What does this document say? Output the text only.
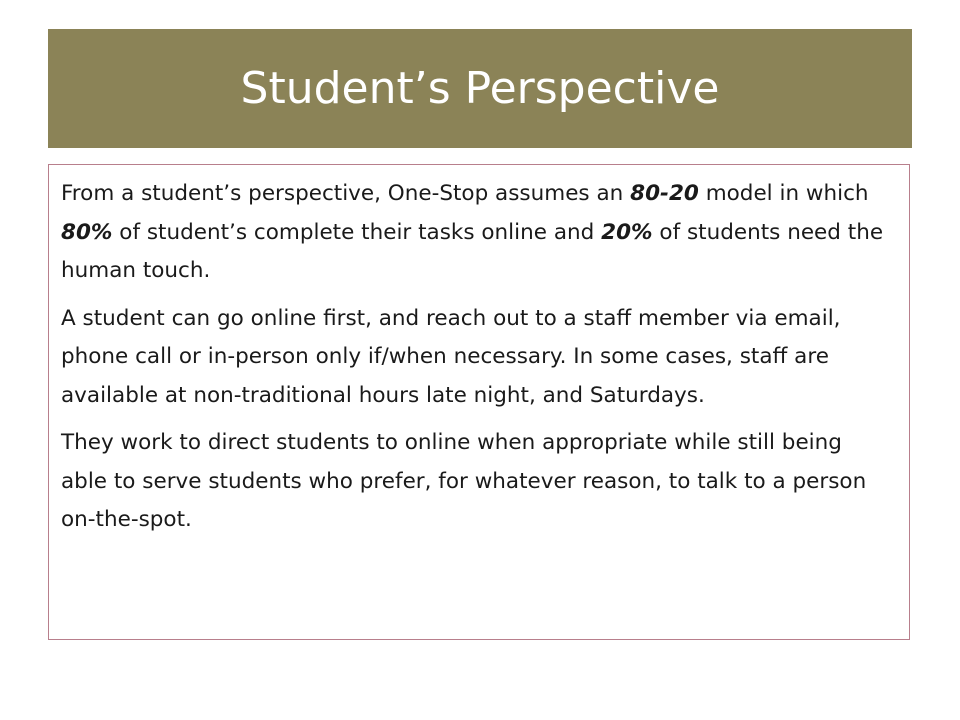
Student’s Perspective

From a student’s perspective, One-Stop assumes an 80-20 model in which 80% of student’s complete their tasks online and 20% of students need the human touch.

A student can go online first, and reach out to a staff member via email, phone call or in-person only if/when necessary. In some cases, staff are available at non-traditional hours late night, and Saturdays.

They work to direct students to online when appropriate while still being able to serve students who prefer, for whatever reason, to talk to a person on-the-spot.
